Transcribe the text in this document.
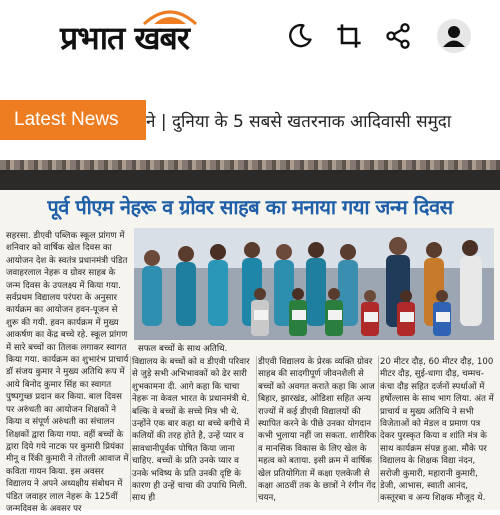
प्रभात खबर
Latest News	ने | दुनिया के 5 सबसे खतरनाक आदिवासी समुदा
पूर्व पीएम नेहरू व ग्रोवर साहब का मनाया गया जन्म दिवस
सहरसा. डीएवी पब्लिक स्कूल प्रांगण में शनिवार को वार्षिक खेल दिवस का आयोजन देश के स्वतंत्र प्रधानमंत्री पंडित जवाहरलाल नेहरू व ग्रोवर साहब के जन्म दिवस के उपलक्ष्य में किया गया. सर्वप्रथम विद्यालय परंपरा के अनुसार कार्यक्रम का आयोजन हवन-पूजन से शुरू की गयी. हवन कार्यक्रम में मुख्य आकर्षण का केंद्र बच्चे रहे. स्कूल प्रांगण में सारे बच्चों का तिलक लगाकर स्वागत किया गया. कार्यक्रम का शुभारंभ प्राचार्य डॉ संजय कुमार ने मुख्य अतिथि रूप में आये बिनोद कुमार सिंह का स्वागत पुष्पगुच्छ प्रदान कर किया. बाल दिवस पर अरुंधती का आयोजन शिक्षकों ने किया व संपूर्ण अरुंधती का संचालन शिक्षकों द्वारा किया गया. वहीं बच्चों के द्वारा दिये गये नाटक पर कुमारी प्रियंका मीनू व रिंकी कुमारी ने तोतली आवाज में कविता गायन किया. इस अवसर विद्यालय ने अपने अध्यक्षीय संबोधन में पंडित जवाहर लाल नेहरू के 125वीं जन्मदिवस के अवसर पर
सफल बच्चों के साथ अतिथि.
विद्यालय के बच्चों को व डीएवी परिवार से जुड़े सभी अभिभावकों को ढेर सारी शुभकामना दी. आगे कहा कि चाचा नेहरू ना केवल भारत के प्रधानमंत्री थे. बल्कि वे बच्चों के सच्चे मित्र भी थे. उन्होंने एक बार कहा था बच्चे बगीचे में कलियों की तरह होते है, उन्हें प्यार व सावधानीपूर्वक पोषित किया जाना चाहिए. बच्चों के प्रति उनके प्यार व उनके भविष्य के प्रति उनकी दृष्टि के कारण ही उन्हें चाचा की उपाधि मिली. साथ ही
डीएवी विद्यालय के प्रेरक व्यक्ति ग्रोवर साहब की सादगीपूर्ण जीवनशैली से बच्चों को अवगत कराते कहा कि आज बिहार, झारखंड, ओडिशा सहित अन्य राज्यों में कई डीएवी विद्यालयों की स्थापित करने के पीछे उनका योगदान कभी भुलाया नहीं जा सकता. शारीरिक व मानसिक विकास के लिए खेल के महत्व को बताया. इसी क्रम में वार्षिक खेल प्रतियोगिता में कक्षा एलकेजी से कक्षा आठवीं तक के छात्रों ने रंगीन गेंद चयन,
20 मीटर दौड़, 60 मीटर दौड़, 100 मीटर दौड़, सुई-धागा दौड़, चम्मच-कंचा दौड़ सहित दर्जनों स्पर्धाओं में हर्षोल्लास के साथ भाग लिया. अंत में प्राचार्य व मुख्य अतिथि ने सभी विजेताओं को मेडल व प्रमाण पत्र देकर पुरस्कृत किया व शांति मंत्र के साथ कार्यक्रम संपन्न हुआ. मौके पर विद्यालय के शिक्षक विद्या नंदन, सरोजी कुमारी, महारानी कुमारी, डेजी, आभास, स्वाती आनंद, कस्तूरबा व अन्य शिक्षक मौजूद थे.
